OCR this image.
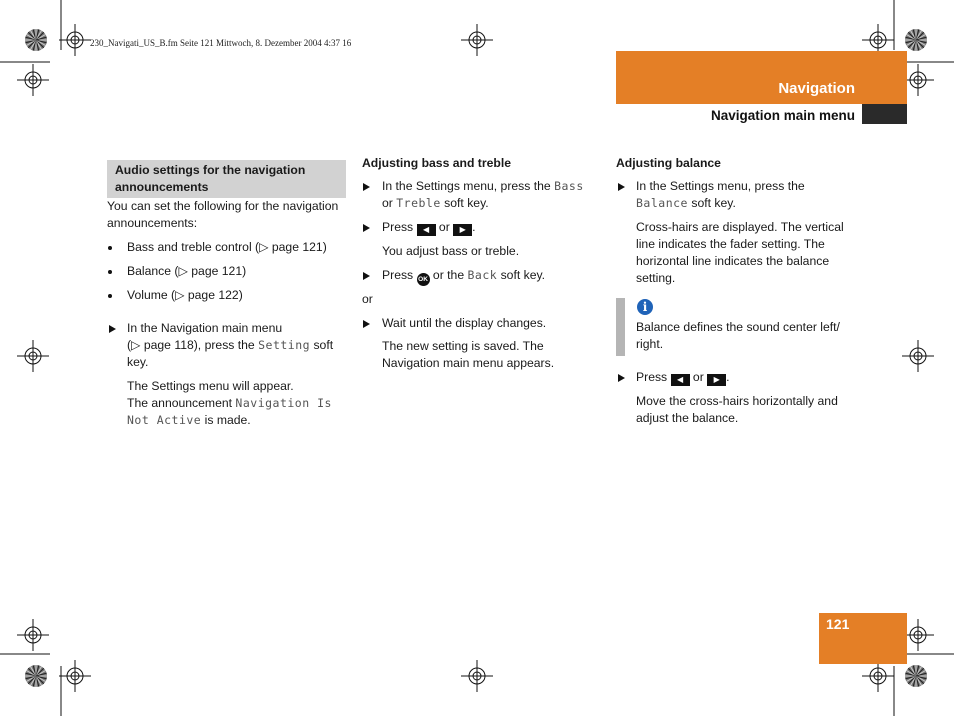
230_Navigati_US_B.fm Seite 121 Mittwoch, 8. Dezember 2004 4:37 16
Navigation
Navigation main menu
Audio settings for the navigation
announcements
You can set the following for the navigation
announcements:
Bass and treble control (▷ page 121)
Balance (▷ page 121)
Volume (▷ page 122)
In the Navigation main menu
(▷ page 118), press the Setting soft
key.
The Settings menu will appear.
The announcement Navigation Is
Not Active is made.
Adjusting bass and treble
In the Settings menu, press the Bass
or Treble soft key.
Press ◀ or ▶ .
You adjust bass or treble.
Press OK or the Back soft key.
or
Wait until the display changes.
The new setting is saved. The
Navigation main menu appears.
Adjusting balance
In the Settings menu, press the
Balance soft key.
Cross-hairs are displayed. The vertical
line indicates the fader setting. The
horizontal line indicates the balance
setting.
i
Balance defines the sound center left/
right.
Press ◀ or ▶ .
Move the cross-hairs horizontally and
adjust the balance.
121
